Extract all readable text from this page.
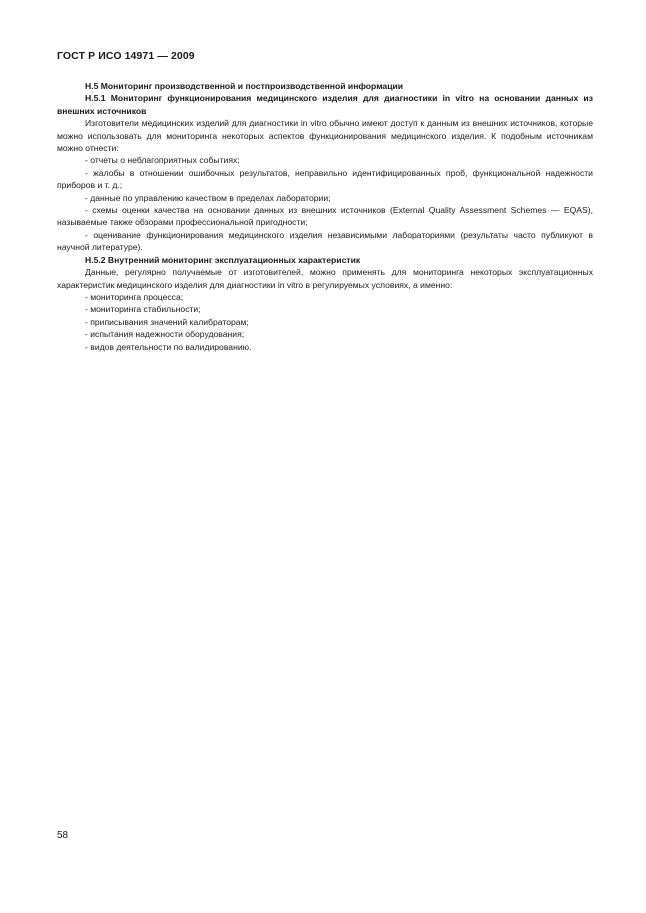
ГОСТ Р ИСО 14971 — 2009

Н.5 Мониторинг производственной и постпроизводственной информации

Н.5.1 Мониторинг функционирования медицинского изделия для диагностики in vitro на основании данных из внешних источников

Изготовители медицинских изделий для диагностики in vitro обычно имеют доступ к данным из внешних источников, которые можно использовать для мониторинга некоторых аспектов функционирования медицинского изделия. К подобным источникам можно отнести:

- отчеты о неблагоприятных событиях;

- жалобы в отношении ошибочных результатов, неправильно идентифицированных проб, функциональной надежности приборов и т. д.;

- данные по управлению качеством в пределах лаборатории;

- схемы оценки качества на основании данных из внешних источников (External Quality Assessment Schemes — EQAS), называемые также обзорами профессиональной пригодности;

- оценивание функционирования медицинского изделия независимыми лабораториями (результаты часто публикуют в научной литературе).

Н.5.2 Внутренний мониторинг эксплуатационных характеристик

Данные, регулярно получаемые от изготовителей, можно применять для мониторинга некоторых эксплуатационных характеристик медицинского изделия для диагностики in vitro в регулируемых условиях, а именно:

- мониторинга процесса;

- мониторинга стабильности;

- приписывания значений калибраторам;

- испытания надежности оборудования;

- видов деятельности по валидированию.

58
